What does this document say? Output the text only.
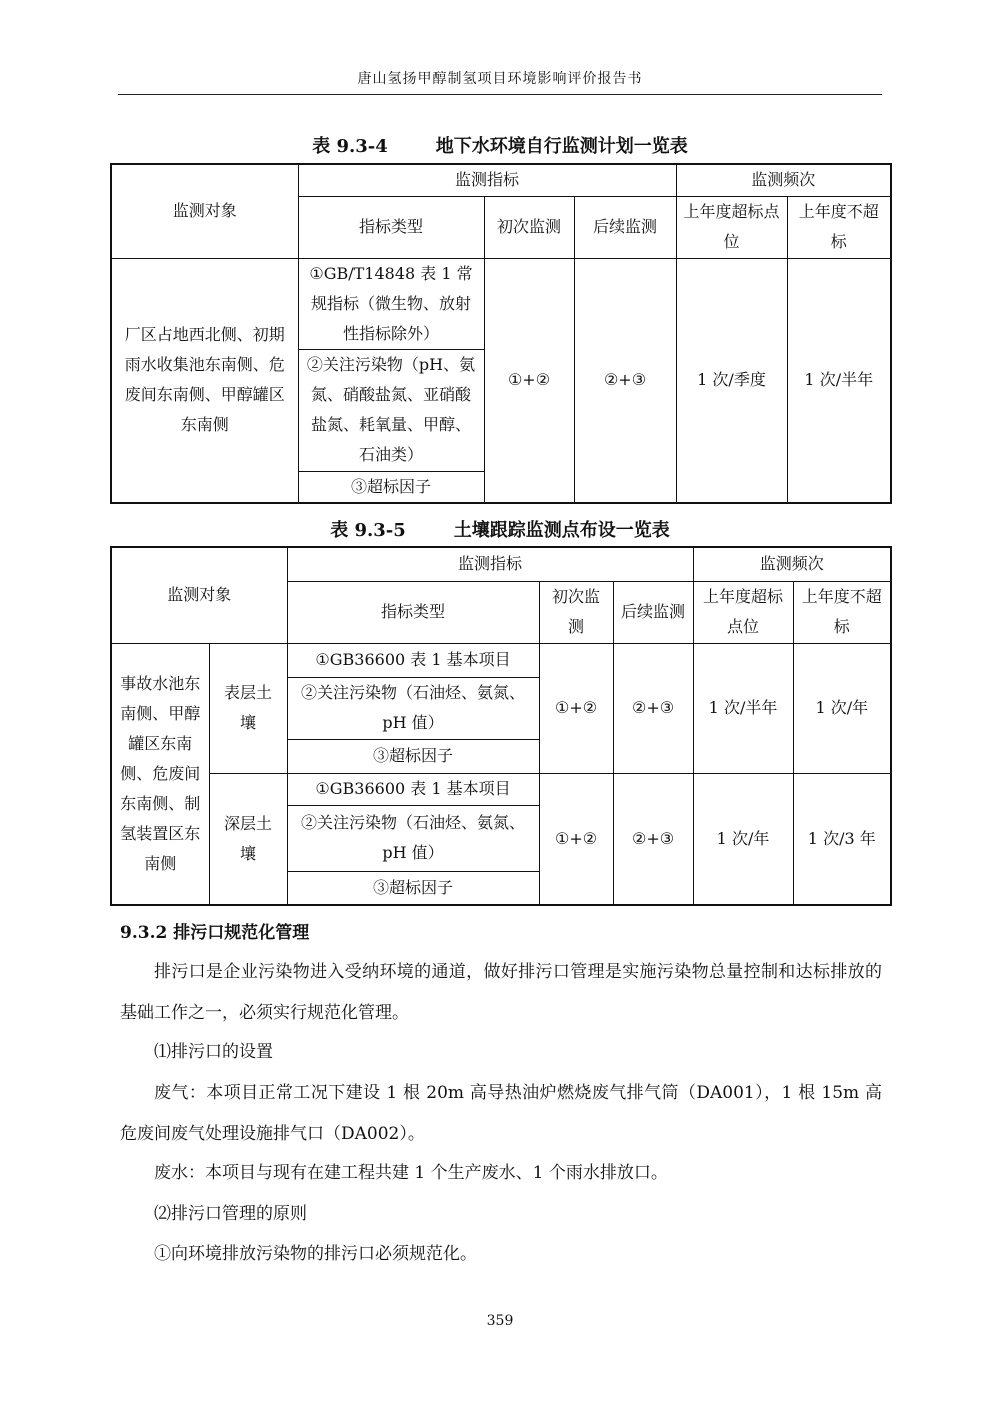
唐山氢扬甲醇制氢项目环境影响评价报告书
表 9.3-4	地下水环境自行监测计划一览表
监测对象	监测指标			监测频次	
	指标类型	初次监测	后续监测	上年度超标点位	上年度不超标
厂区占地西北侧、初期雨水收集池东南侧、危废间东南侧、甲醇罐区东南侧	①GB/T14848 表 1 常规指标（微生物、放射性指标除外）	①+②	②+③	1 次/季度	1 次/半年
	②关注污染物（pH、氨氮、硝酸盐氮、亚硝酸盐氮、耗氧量、甲醇、石油类）				
	③超标因子				
表 9.3-5	土壤跟踪监测点布设一览表
监测对象		监测指标			监测频次	
		指标类型	初次监测	后续监测	上年度超标点位	上年度不超标
事故水池东南侧、甲醇罐区东南侧、危废间东南侧、制氢装置区东南侧	表层土壤	①GB36600 表 1 基本项目	①+②	②+③	1 次/半年	1 次/年
		②关注污染物（石油烃、氨氮、pH 值）				
		③超标因子				
	深层土壤	①GB36600 表 1 基本项目	①+②	②+③	1 次/年	1 次/3 年
		②关注污染物（石油烃、氨氮、pH 值）				
		③超标因子				
9.3.2 排污口规范化管理
排污口是企业污染物进入受纳环境的通道，做好排污口管理是实施污染物总量控制和达标排放的基础工作之一，必须实行规范化管理。
⑴排污口的设置
废气：本项目正常工况下建设 1 根 20m 高导热油炉燃烧废气排气筒（DA001），1 根 15m 高危废间废气处理设施排气口（DA002）。
废水：本项目与现有在建工程共建 1 个生产废水、1 个雨水排放口。
⑵排污口管理的原则
①向环境排放污染物的排污口必须规范化。
359
